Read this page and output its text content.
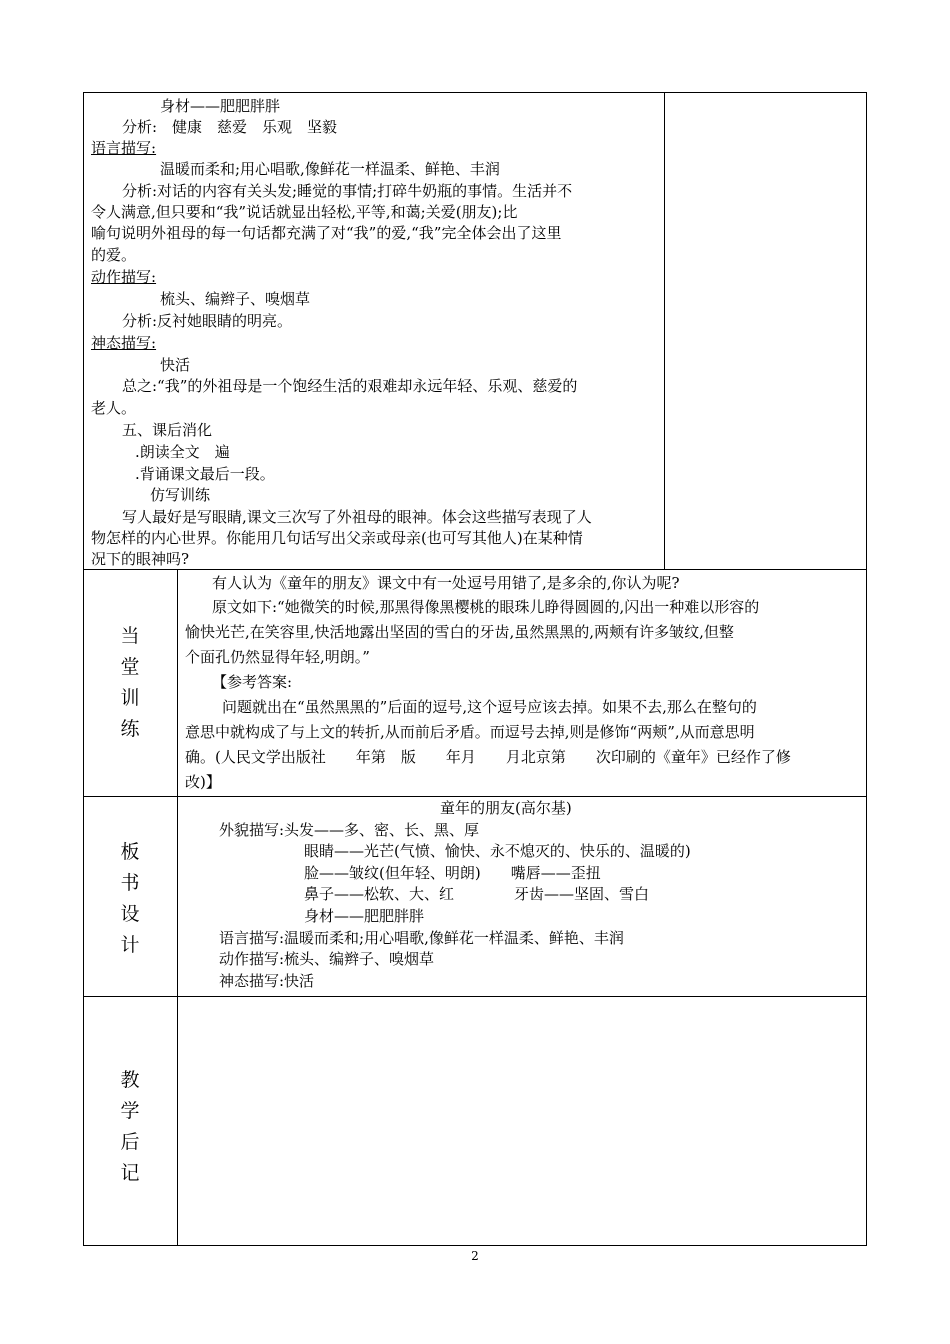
身材——肥肥胖胖
分析:　健康　慈爱　乐观　坚毅
语言描写:
温暖而柔和;用心唱歌,像鲜花一样温柔、鲜艳、丰润
分析:对话的内容有关头发;睡觉的事情;打碎牛奶瓶的事情。生活并不
令人满意,但只要和“我”说话就显出轻松,平等,和蔼;关爱(朋友);比
喻句说明外祖母的每一句话都充满了对“我”的爱,“我”完全体会出了这里
的爱。
动作描写:
梳头、编辫子、嗅烟草
分析:反衬她眼睛的明亮。
神态描写:
快活
总之:“我”的外祖母是一个饱经生活的艰难却永远年轻、乐观、慈爱的
老人。
五、课后消化
.朗读全文　遍
.背诵课文最后一段。
仿写训练
写人最好是写眼睛,课文三次写了外祖母的眼神。体会这些描写表现了人
物怎样的内心世界。你能用几句话写出父亲或母亲(也可写其他人)在某种情
况下的眼神吗?
当
堂
训
练
有人认为《童年的朋友》课文中有一处逗号用错了,是多余的,你认为呢?
原文如下:“她微笑的时候,那黑得像黑樱桃的眼珠儿睁得圆圆的,闪出一种难以形容的
愉快光芒,在笑容里,快活地露出坚固的雪白的牙齿,虽然黑黑的,两颊有许多皱纹,但整
个面孔仍然显得年轻,明朗。”
【参考答案:
问题就出在“虽然黑黑的”后面的逗号,这个逗号应该去掉。如果不去,那么在整句的
意思中就构成了与上文的转折,从而前后矛盾。而逗号去掉,则是修饰“两颊”,从而意思明
确。(人民文学出版社　　年第　版　　年月　　月北京第　　次印刷的《童年》已经作了修
改)】
板
书
设
计
童年的朋友(高尔基)
外貌描写:头发——多、密、长、黑、厚
眼睛——光芒(气愤、愉快、永不熄灭的、快乐的、温暖的)
脸——皱纹(但年轻、明朗)　　嘴唇——歪扭
鼻子——松软、大、红　　　　牙齿——坚固、雪白
身材——肥肥胖胖
语言描写:温暖而柔和;用心唱歌,像鲜花一样温柔、鲜艳、丰润
动作描写:梳头、编辫子、嗅烟草
神态描写:快活
教
学
后
记
2
